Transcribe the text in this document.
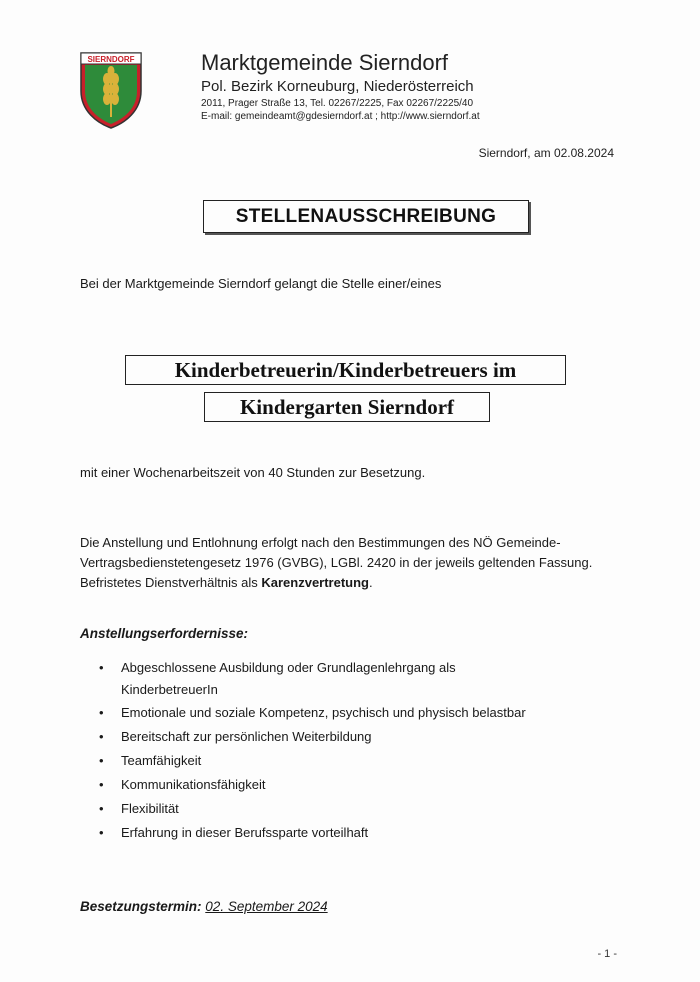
SIERNDORF	Marktgemeinde Sierndorf
Pol. Bezirk Korneuburg, Niederösterreich
2011, Prager Straße 13, Tel. 02267/2225, Fax 02267/2225/40
E-mail: gemeindeamt@gdesierndorf.at ; http://www.sierndorf.at
Sierndorf, am 02.08.2024
STELLENAUSSCHREIBUNG
Bei der Marktgemeinde Sierndorf gelangt die Stelle einer/eines
Kinderbetreuerin/Kinderbetreuers im
Kindergarten Sierndorf
mit einer Wochenarbeitszeit von 40 Stunden zur Besetzung.
Die Anstellung und Entlohnung erfolgt nach den Bestimmungen des NÖ Gemeinde-Vertragsbedienstetengesetz 1976 (GVBG), LGBl. 2420 in der jeweils geltenden Fassung. Befristetes Dienstverhältnis als Karenzvertretung.
Anstellungserfordernisse:
• Abgeschlossene Ausbildung oder Grundlagenlehrgang als
KinderbetreuerIn
• Emotionale und soziale Kompetenz, psychisch und physisch belastbar
• Bereitschaft zur persönlichen Weiterbildung
• Teamfähigkeit
• Kommunikationsfähigkeit
• Flexibilität
• Erfahrung in dieser Berufssparte vorteilhaft
Besetzungstermin: 02. September 2024
- 1 -
